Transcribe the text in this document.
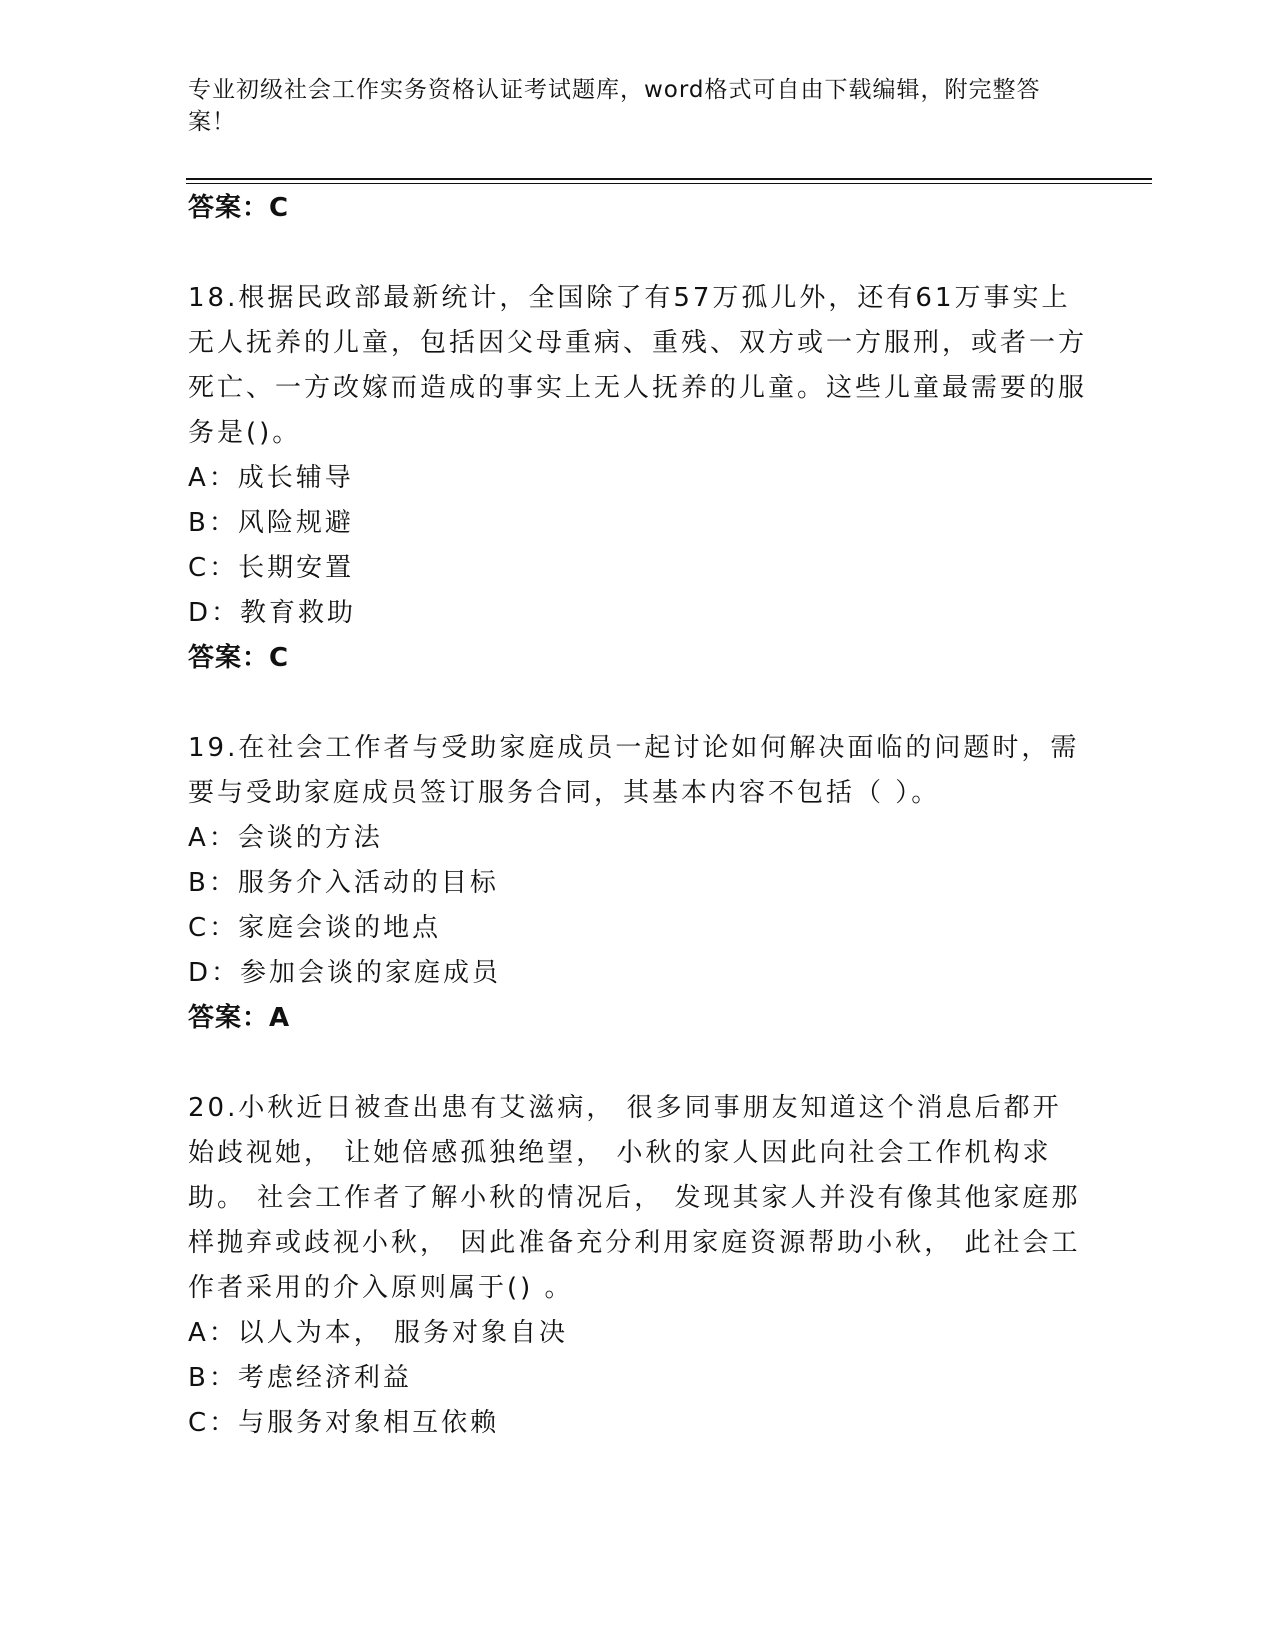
专业初级社会工作实务资格认证考试题库，word格式可自由下载编辑，附完整答案！

答案：C

18.根据民政部最新统计，全国除了有57万孤儿外，还有61万事实上无人抚养的儿童，包括因父母重病、重残、双方或一方服刑，或者一方死亡、一方改嫁而造成的事实上无人抚养的儿童。这些儿童最需要的服务是()。

A：成长辅导

B：风险规避

C：长期安置

D：教育救助

答案：C

19.在社会工作者与受助家庭成员一起讨论如何解决面临的问题时，需要与受助家庭成员签订服务合同，其基本内容不包括（ ）。

A：会谈的方法

B：服务介入活动的目标

C：家庭会谈的地点

D：参加会谈的家庭成员

答案：A

20.小秋近日被查出患有艾滋病， 很多同事朋友知道这个消息后都开始歧视她， 让她倍感孤独绝望， 小秋的家人因此向社会工作机构求助。 社会工作者了解小秋的情况后， 发现其家人并没有像其他家庭那样抛弃或歧视小秋， 因此准备充分利用家庭资源帮助小秋， 此社会工作者采用的介入原则属于() 。

A：以人为本， 服务对象自决

B：考虑经济利益

C：与服务对象相互依赖
